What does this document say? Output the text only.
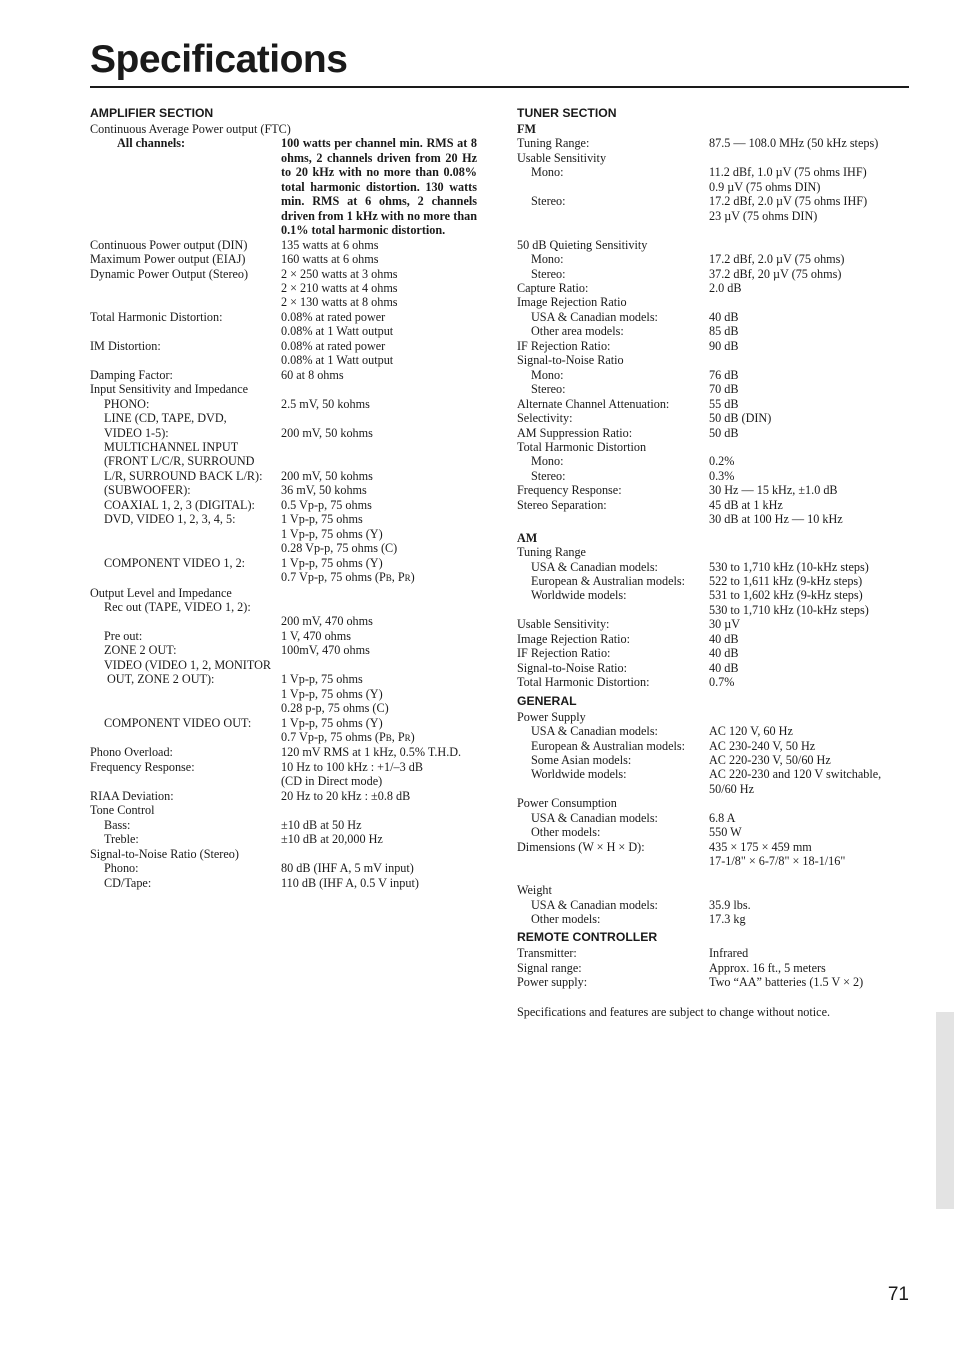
Specifications
AMPLIFIER SECTION
Continuous Average Power output (FTC)
All channels:	100 watts per channel min. RMS at 8 ohms, 2 channels driven from 20 Hz to 20 kHz with no more than 0.08% total harmonic distortion. 130 watts min. RMS at 6 ohms, 2 channels driven from 1 kHz with no more than 0.1% total harmonic distortion.
Continuous Power output (DIN)	135 watts at 6 ohms
Maximum Power output (EIAJ)	160 watts at 6 ohms
Dynamic Power Output (Stereo)	2 × 250 watts at 3 ohms
2 × 210 watts at 4 ohms
2 × 130 watts at 8 ohms
Total Harmonic Distortion:	0.08% at rated power
0.08% at 1 Watt output
IM Distortion:	0.08% at rated power
0.08% at 1 Watt output
Damping Factor:	60 at 8 ohms
Input Sensitivity and Impedance
PHONO:	2.5 mV, 50 kohms
LINE (CD, TAPE, DVD,
VIDEO 1-5):	200 mV, 50 kohms
MULTICHANNEL INPUT
(FRONT L/C/R, SURROUND
L/R, SURROUND BACK L/R):	200 mV, 50 kohms
(SUBWOOFER):	36 mV, 50 kohms
COAXIAL 1, 2, 3 (DIGITAL):	0.5 Vp-p, 75 ohms
DVD, VIDEO 1, 2, 3, 4, 5:	1 Vp-p, 75 ohms
1 Vp-p, 75 ohms (Y)
0.28 Vp-p, 75 ohms (C)
COMPONENT VIDEO 1, 2:	1 Vp-p, 75 ohms (Y)
0.7 Vp-p, 75 ohms (PB, PR)
Output Level and Impedance
Rec out (TAPE, VIDEO 1, 2):
200 mV, 470 ohms
Pre out:	1 V, 470 ohms
ZONE 2 OUT:	100mV, 470 ohms
VIDEO (VIDEO 1, 2, MONITOR
OUT, ZONE 2 OUT):	1 Vp-p, 75 ohms
1 Vp-p, 75 ohms (Y)
0.28 p-p, 75 ohms (C)
COMPONENT VIDEO OUT:	1 Vp-p, 75 ohms (Y)
0.7 Vp-p, 75 ohms (PB, PR)
Phono Overload:	120 mV RMS at 1 kHz, 0.5% T.H.D.
Frequency Response:	10 Hz to 100 kHz : +1/–3 dB
(CD in Direct mode)
RIAA Deviation:	20 Hz to 20 kHz : ±0.8 dB
Tone Control
Bass:	±10 dB at 50 Hz
Treble:	±10 dB at 20,000 Hz
Signal-to-Noise Ratio (Stereo)
Phono:	80 dB (IHF A, 5 mV input)
CD/Tape:	110 dB (IHF A, 0.5 V input)
TUNER SECTION
FM
Tuning Range:	87.5 — 108.0 MHz (50 kHz steps)
Usable Sensitivity
Mono:	11.2 dBf, 1.0 µV (75 ohms IHF)
0.9 µV (75 ohms DIN)
Stereo:	17.2 dBf, 2.0 µV (75 ohms IHF)
23 µV (75 ohms DIN)
50 dB Quieting Sensitivity
Mono:	17.2 dBf, 2.0 µV (75 ohms)
Stereo:	37.2 dBf, 20 µV (75 ohms)
Capture Ratio:	2.0 dB
Image Rejection Ratio
USA & Canadian models:	40 dB
Other area models:	85 dB
IF Rejection Ratio:	90 dB
Signal-to-Noise Ratio
Mono:	76 dB
Stereo:	70 dB
Alternate Channel Attenuation:	55 dB
Selectivity:	50 dB (DIN)
AM Suppression Ratio:	50 dB
Total Harmonic Distortion
Mono:	0.2%
Stereo:	0.3%
Frequency Response:	30 Hz — 15 kHz, ±1.0 dB
Stereo Separation:	45 dB at 1 kHz
30 dB at 100 Hz — 10 kHz
AM
Tuning Range
USA & Canadian models:	530 to 1,710 kHz (10-kHz steps)
European & Australian models:	522 to 1,611 kHz (9-kHz steps)
Worldwide models:	531 to 1,602 kHz (9-kHz steps)
530 to 1,710 kHz (10-kHz steps)
Usable Sensitivity:	30 µV
Image Rejection Ratio:	40 dB
IF Rejection Ratio:	40 dB
Signal-to-Noise Ratio:	40 dB
Total Harmonic Distortion:	0.7%
GENERAL
Power Supply
USA & Canadian models:	AC 120 V, 60 Hz
European & Australian models:	AC 230-240 V, 50 Hz
Some Asian models:	AC 220-230 V, 50/60 Hz
Worldwide models:	AC 220-230 and 120 V switchable,
50/60 Hz
Power Consumption
USA & Canadian models:	6.8 A
Other models:	550 W
Dimensions (W × H × D):	435 × 175 × 459 mm
17-1/8" × 6-7/8" × 18-1/16"
Weight
USA & Canadian models:	35.9 lbs.
Other models:	17.3 kg
REMOTE CONTROLLER
Transmitter:	Infrared
Signal range:	Approx. 16 ft., 5 meters
Power supply:	Two “AA” batteries (1.5 V × 2)
Specifications and features are subject to change without notice.
71
